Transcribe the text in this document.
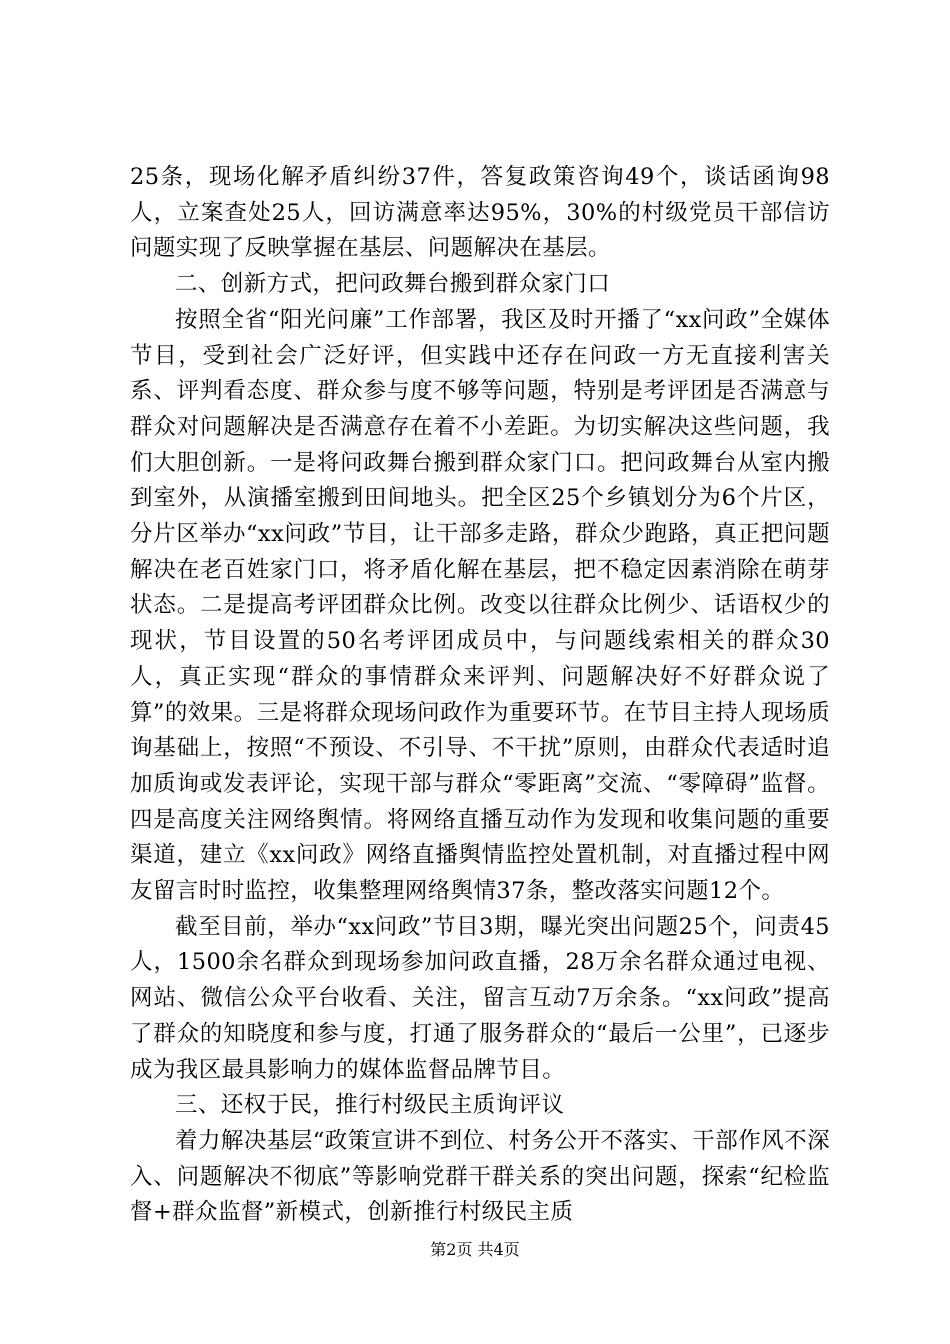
25条，现场化解矛盾纠纷37件，答复政策咨询49个，谈话函询98人，立案查处25人，回访满意率达95%，30%的村级党员干部信访问题实现了反映掌握在基层、问题解决在基层。

二、创新方式，把问政舞台搬到群众家门口

按照全省“阳光问廉”工作部署，我区及时开播了“xx问政”全媒体节目，受到社会广泛好评，但实践中还存在问政一方无直接利害关系、评判看态度、群众参与度不够等问题，特别是考评团是否满意与群众对问题解决是否满意存在着不小差距。为切实解决这些问题，我们大胆创新。一是将问政舞台搬到群众家门口。把问政舞台从室内搬到室外，从演播室搬到田间地头。把全区25个乡镇划分为6个片区，分片区举办“xx问政”节目，让干部多走路，群众少跑路，真正把问题解决在老百姓家门口，将矛盾化解在基层，把不稳定因素消除在萌芽状态。二是提高考评团群众比例。改变以往群众比例少、话语权少的现状，节目设置的50名考评团成员中，与问题线索相关的群众30人，真正实现“群众的事情群众来评判、问题解决好不好群众说了算”的效果。三是将群众现场问政作为重要环节。在节目主持人现场质询基础上，按照“不预设、不引导、不干扰”原则，由群众代表适时追加质询或发表评论，实现干部与群众“零距离”交流、“零障碍”监督。四是高度关注网络舆情。将网络直播互动作为发现和收集问题的重要渠道，建立《xx问政》网络直播舆情监控处置机制，对直播过程中网友留言时时监控，收集整理网络舆情37条，整改落实问题12个。

截至目前，举办“xx问政”节目3期，曝光突出问题25个，问责45人，1500余名群众到现场参加问政直播，28万余名群众通过电视、网站、微信公众平台收看、关注，留言互动7万余条。“xx问政”提高了群众的知晓度和参与度，打通了服务群众的“最后一公里”，已逐步成为我区最具影响力的媒体监督品牌节目。

三、还权于民，推行村级民主质询评议

着力解决基层“政策宣讲不到位、村务公开不落实、干部作风不深入、问题解决不彻底”等影响党群干群关系的突出问题，探索“纪检监督+群众监督”新模式，创新推行村级民主质

第2页 共4页
